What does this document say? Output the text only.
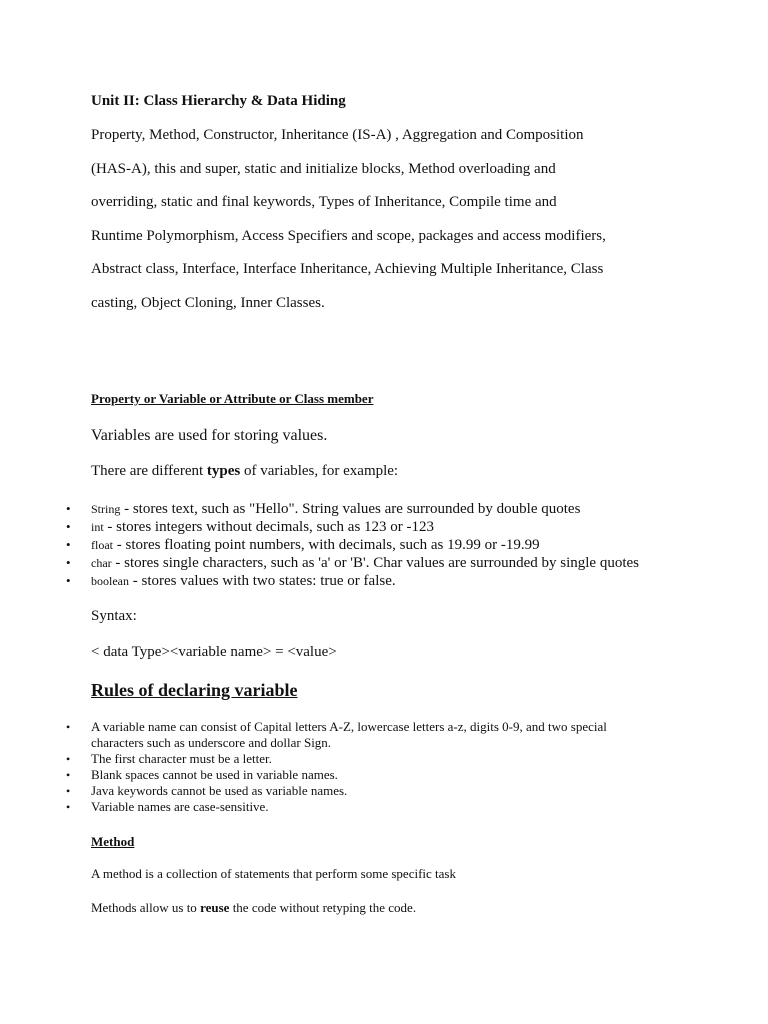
Unit II: Class Hierarchy & Data Hiding
Property, Method, Constructor, Inheritance (IS-A) , Aggregation and Composition
(HAS-A), this and super, static and initialize blocks, Method overloading and
overriding, static and final keywords, Types of Inheritance, Compile time and
Runtime Polymorphism, Access Specifiers and scope, packages and access modifiers,
Abstract class, Interface, Interface Inheritance, Achieving Multiple Inheritance, Class
casting, Object Cloning, Inner Classes.
Property or Variable or Attribute or Class member
Variables are used for storing values.
There are different types of variables, for example:
• String - stores text, such as "Hello". String values are surrounded by double quotes
• int - stores integers without decimals, such as 123 or -123
• float - stores floating point numbers, with decimals, such as 19.99 or -19.99
• char - stores single characters, such as 'a' or 'B'. Char values are surrounded by single quotes
• boolean - stores values with two states: true or false.
Syntax:
< data Type><variable name> = <value>
Rules of declaring variable
• A variable name can consist of Capital letters A-Z, lowercase letters a-z, digits 0-9, and two special characters such as underscore and dollar Sign.
• The first character must be a letter.
• Blank spaces cannot be used in variable names.
• Java keywords cannot be used as variable names.
• Variable names are case-sensitive.
Method
A method is a collection of statements that perform some specific task
Methods allow us to reuse the code without retyping the code.
